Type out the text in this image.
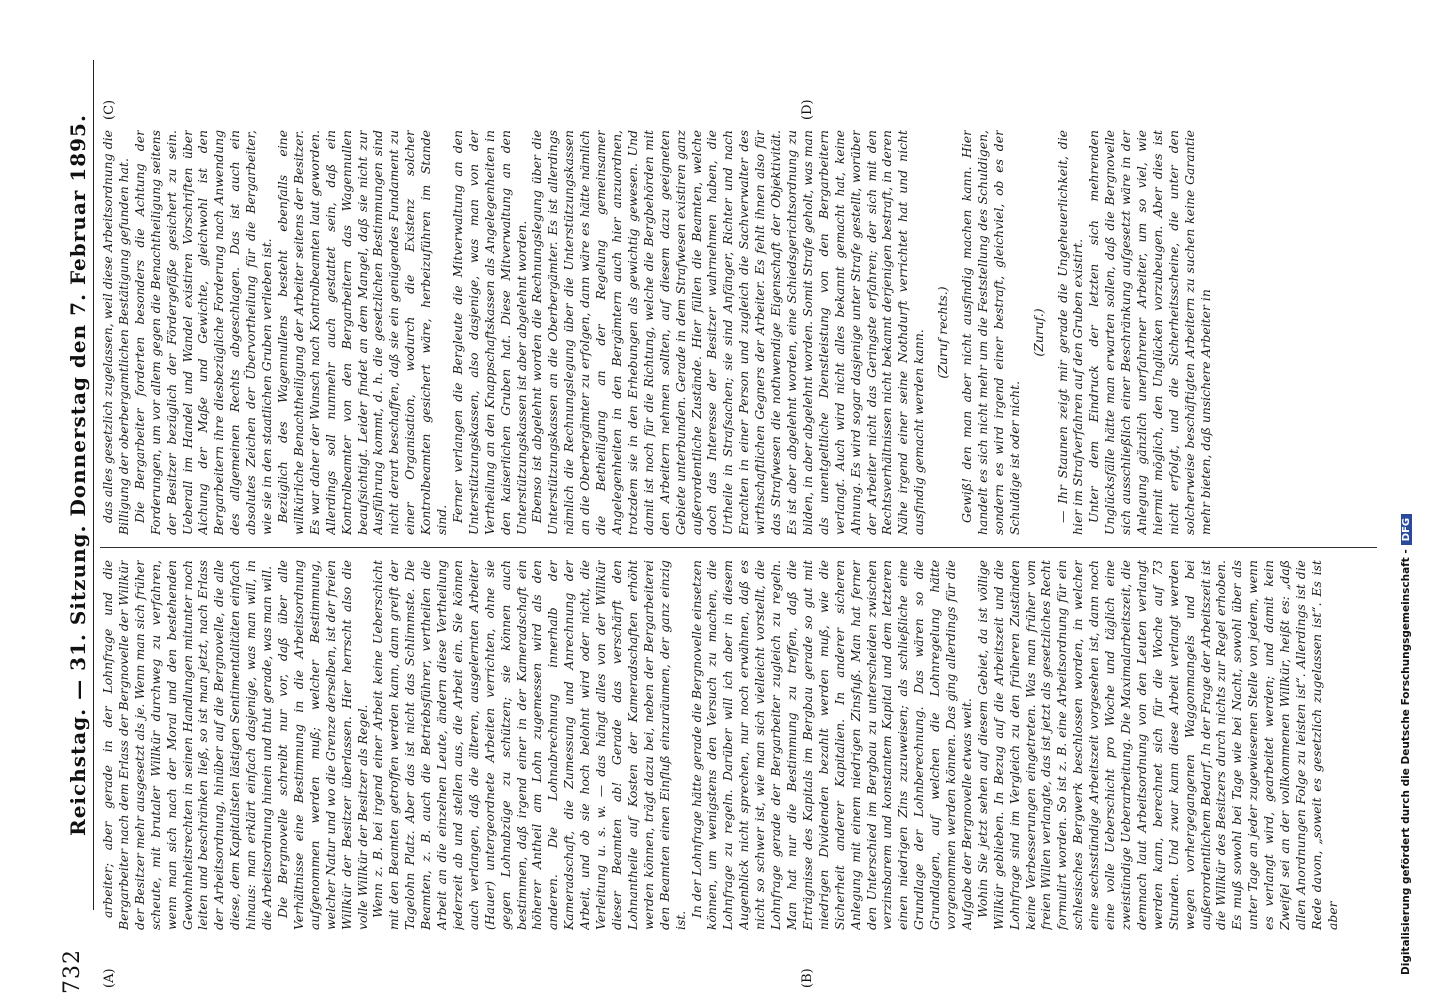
732
Reichstag. — 31. Sitzung. Donnerstag den 7. Februar 1895.
(A)	(B)
(C)	(D)

arbeiter; aber gerade in der Lohnfrage und die Bergarbeiter nach dem Erlass der Bergnovelle der Willkür der Besitzer mehr ausgesetzt als je. Wenn man sich früher scheute, mit brutaler Willkür durchweg zu verfahren, wenn man sich nach der Moral und den bestehenden Gewohnheitsrechten in seinen Handlungen mitunter noch leiten und beschränken ließ, so ist man jetzt, nach Erlass der Arbeitsordnung, hinüber auf die Bergnovelle, die alle diese, dem Kapitalisten lästigen Sentimentalitäten einfach hinaus: man erklärt einfach dasjenige, was man will, in die Arbeitsordnung hinein und thut gerade, was man will. Die Bergnovelle schreibt nur vor, daß über alle Verhältnisse eine Bestimmung in die Arbeitsordnung aufgenommen werden muß; welcher Bestimmung, welcher Natur und wo die Grenze derselben, ist der freien Willkür der Besitzer überlassen. Hier herrscht also die volle Willkür der Besitzer als Regel. Wenn z. B. bei irgend einer Arbeit keine Ueberschicht mit den Beamten getroffen werden kann, dann greift der Tagelohn Platz. Aber das ist nicht das Schlimmste. Die Beamten, z. B. auch die Betriebsführer, vertheilen die Arbeit an die einzelnen Leute, ändern diese Vertheilung jederzeit ab und stellen aus, die Arbeit ein. Sie können auch verlangen, daß die älteren, ausgelernten Arbeiter (Hauer) untergeordnete Arbeiten verrichten, ohne sie gegen Lohnabzüge zu schützen; sie können auch bestimmen, daß irgend einer in der Kameradschaft ein höherer Antheil am Lohn zugemessen wird als den anderen. Die Lohnabrechnung innerhalb der Kameradschaft, die Zumessung und Anrechnung der Arbeit, und ob sie hoch belohnt wird oder nicht, die Verleitung u. s. w. — das hängt alles von der Willkür dieser Beamten ab! Gerade das verschärft den Lohnantheile auf Kosten der Kameradschaften erhöht werden können, trägt dazu bei, neben der Bergarbeiterei den Beamten einen Einfluß einzuräumen, der ganz einzig ist.

In der Lohnfrage hätte gerade die Bergnovelle einsetzen können, um wenigstens den Versuch zu machen, die Lohnfrage zu regeln. Darüber will ich aber in diesem Augenblick nicht sprechen, nur noch erwähnen, daß es nicht so schwer ist, wie man sich vielleicht vorstellt, die Lohnfrage gerade der Bergarbeiter zugleich zu regeln. Man hat nur die Bestimmung zu treffen, daß die Erträgnisse des Kapitals im Bergbau gerade so gut mit niedrigen Dividenden bezahlt werden muß, wie die Sicherheit anderer Kapitalien. In anderer sicheren Anlegung mit einem niedrigen Zinsfuß. Man hat ferner den Unterschied im Bergbau zu unterscheiden zwischen verzinsbarem und konstantem Kapital und dem letzteren einen niedrigen Zins zuzuweisen; als schließliche eine Grundlage der Lohnberechnung. Das wären so die Grundlagen, auf welchen die Lohnregelung hätte vorgenommen werden können. Das ging allerdings für die Aufgabe der Bergnovelle etwas weit. Wohin Sie jetzt sehen auf diesem Gebiet, da ist völlige Willkür geblieben. In Bezug auf die Arbeitszeit und die Lohnfrage sind im Vergleich zu den früheren Zuständen keine Verbesserungen eingetreten. Was man früher vom freien Willen verlangte, das ist jetzt als gesetzliches Recht formulirt worden. So ist z. B. eine Arbeitsordnung für ein schlesisches Bergwerk beschlossen worden, in welcher eine sechsstündige Arbeitszeit vorgesehen ist, dann noch eine volle Ueberschicht pro Woche und täglich eine zweistündige Ueberarbeitung. Die Maximalarbeitszeit, die demnach laut Arbeitsordnung von den Leuten verlangt werden kann, berechnet sich für die Woche auf 73 Stunden. Und zwar kann diese Arbeit verlangt werden wegen vorhergegangenen Waggonmangels und bei außerordentlichem Bedarf. In der Frage der Arbeitszeit ist die Willkür des Besitzers durch nichts zur Regel erhoben. Es muß sowohl bei Tage wie bei Nacht, sowohl über als unter Tage an jeder zugewiesenen Stelle von jedem, wenn es verlangt wird, gearbeitet werden; und damit kein Zweifel sei an der vollkommenen Willkür, heißt es: „daß allen Anordnungen Folge zu leisten ist“. Allerdings ist die Rede davon, „soweit es gesetzlich zugelassen ist“. Es ist aber

das alles gesetzlich zugelassen, weil diese Arbeitsordnung die Billigung der oberbergamtlichen Bestätigung gefunden hat. Die Bergarbeiter forderten besonders die Achtung der Forderungen, um vor allem gegen die Benachtheiligung seitens der Besitzer bezüglich der Fördergefäße gesichert zu sein. Ueberall im Handel und Wandel existiren Vorschriften über Aichung der Maße und Gewichte, gleichwohl ist den Bergarbeitern ihre diesbezügliche Forderung nach Anwendung des allgemeinen Rechts abgeschlagen. Das ist auch ein absolutes Zeichen der Übervortheilung für die Bergarbeiter, wie sie in den staatlichen Gruben verlieben ist. Bezüglich des Wagennullens besteht ebenfalls eine willkürliche Benachtheiligung der Arbeiter seitens der Besitzer. Es war daher der Wunsch nach Kontrolbeamten laut geworden. Allerdings soll nunmehr auch gestattet sein, daß ein Kontrolbeamter von den Bergarbeitern das Wagennullen beaufsichtigt. Leider findet an dem Mangel, daß sie nicht zur Ausführung kommt, d. h. die gesetzlichen Bestimmungen sind nicht derart beschaffen, daß sie ein genügendes Fundament zu einer Organisation, wodurch die Existenz solcher Kontrolbeamten gesichert wäre, herbeizuführen im Stande sind. Ferner verlangen die Bergleute die Mitverwaltung an den Unterstützungskassen, also dasjenige, was man von der Vertheilung an den Knappschaftskassen als Angelegenheiten in den kaiserlichen Gruben hat. Diese Mitverwaltung an den Unterstützungskassen ist aber abgelehnt worden. Ebenso ist abgelehnt worden die Rechnungslegung über die Unterstützungskassen an die Oberbergämter. Es ist allerdings nämlich die Rechnungslegung über die Unterstützungskassen an die Oberbergämter zu erfolgen, dann wäre es hätte nämlich die Betheiligung an der Regelung gemeinsamer Angelegenheiten in den Bergämtern auch hier anzuordnen, trotzdem sie in den Erhebungen als gewichtig gewesen. Und damit ist noch für die Richtung, welche die Bergbehörden mit den Arbeitern nehmen sollten, auf diesem dazu geeigneten Gebiete unterbunden. Gerade in dem Strafwesen existiren ganz außerordentliche Zustände. Hier füllen die Beamten, welche doch das Interesse der Besitzer wahrnehmen haben, die Urtheile in Strafsachen; sie sind Anfänger, Richter und nach Erachten in einer Person und zugleich die Sachverwalter des wirthschaftlichen Gegners der Arbeiter. Es fehlt ihnen also für das Strafwesen die nothwendige Eigenschaft der Objektivität. Es ist aber abgelehnt worden, eine Schiedsgerichtsordnung zu bilden, in aber abgelehnt worden. Somit Strafe geholt, was man als unentgeltliche Dienstleistung von den Bergarbeitern verlangt. Auch wird nicht alles bekannt gemacht hat, keine Ahnung. Es wird sogar dasjenige unter Strafe gestellt, worüber der Arbeiter nicht das Geringste erfahren; der sich mit den Rechtsverhältnissen nicht bekannt derjenigen bestraft, in deren Nähe irgend einer seine Nothdurft verrichtet hat und nicht ausfindig gemacht werden kann. (Zuruf rechts.) Gewiß! den man aber nicht ausfindig machen kann. Hier handelt es sich nicht mehr um die Feststellung des Schuldigen, sondern es wird irgend einer bestraft, gleichviel, ob es der Schuldige ist oder nicht.

(Zuruf.) — Ihr Staunen zeigt mir gerade die Ungeheuerlichkeit, die hier im Strafverfahren auf den Gruben existirt. Unter dem Eindruck der letzten sich mehrenden Unglücksfälle hätte man erwarten sollen, daß die Bergnovelle sich ausschließlich einer Beschränkung aufgesetzt wäre in der Anlegung gänzlich unerfahrener Arbeiter, um so viel, wie hiermit möglich, den Unglücken vorzubeugen. Aber dies ist nicht erfolgt, und die Sicherheitsscheine, die unter den solcherweise beschäftigten Arbeitern zu suchen keine Garantie mehr bieten, daß unsichere Arbeiter in

Digitalisierung gefördert durch die Deutsche Forschungsgemeinschaft -DFG
